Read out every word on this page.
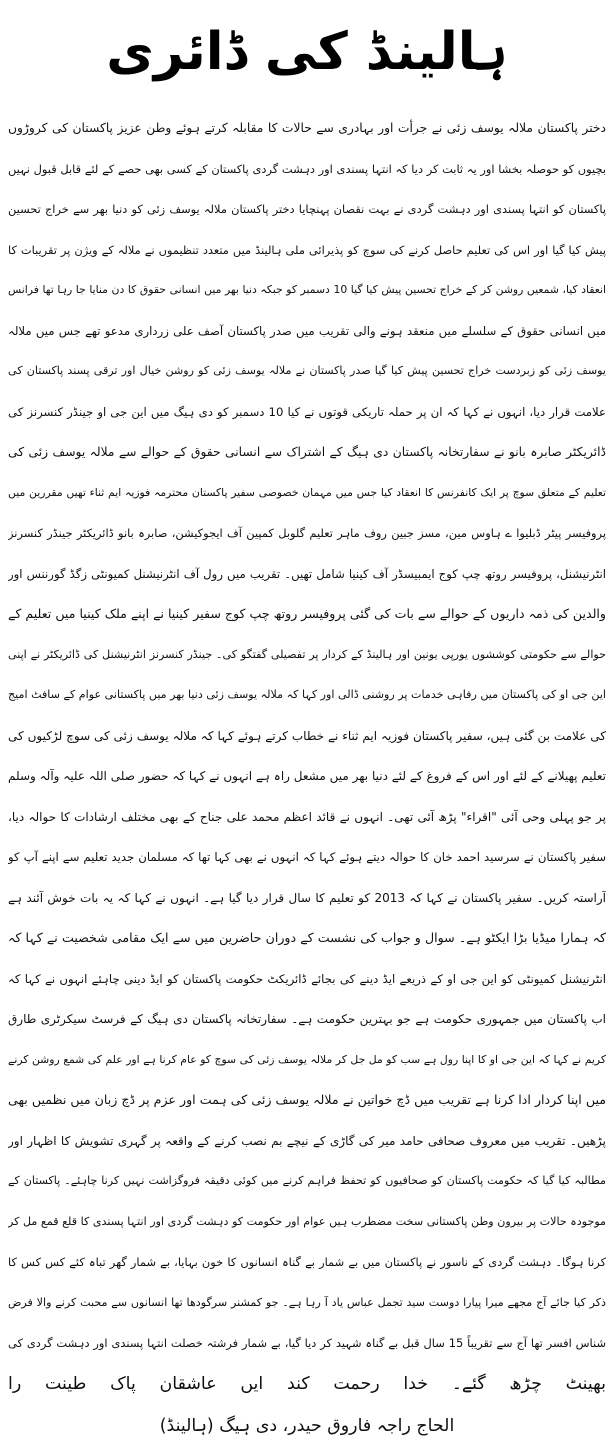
ہالینڈ کی ڈائری
دختر پاکستان ملالہ یوسف زئی نے جرأت اور بہادری سے حالات کا مقابلہ کرتے ہوئے وطن عزیز پاکستان کی کروڑوں
بچیوں کو حوصلہ بخشا اور یہ ثابت کر دیا کہ انتہا پسندی اور دہشت گردی پاکستان کے کسی بھی حصے کے لئے قابل قبول نہیں
پاکستان کو انتہا پسندی اور دہشت گردی نے بہت نقصان پہنچایا دختر پاکستان ملالہ یوسف زئی کو دنیا بھر سے خراج تحسین
پیش کیا گیا اور اس کی تعلیم حاصل کرنے کی سوچ کو پذیرائی ملی ہالینڈ میں متعدد تنظیموں نے ملالہ کے ویژن پر تقریبات کا
انعقاد کیا، شمعیں روشن کر کے خراج تحسین پیش کیا گیا 10 دسمبر کو جبکہ دنیا بھر میں انسانی حقوق کا دن منایا جا رہا تھا فرانس
میں انسانی حقوق کے سلسلے میں منعقد ہونے والی تقریب میں صدر پاکستان آصف علی زرداری مدعو تھے جس میں ملالہ
یوسف زئی کو زبردست خراج تحسین پیش کیا گیا صدر پاکستان نے ملالہ یوسف زئی کو روشن خیال اور ترقی پسند پاکستان کی
علامت قرار دیا، انہوں نے کہا کہ ان پر حملہ تاریکی قوتوں نے کیا 10 دسمبر کو دی ہیگ میں این جی او جینڈر کنسرنز کی
ڈائریکٹر صابرہ بانو نے سفارتخانہ پاکستان دی ہیگ کے اشتراک سے انسانی حقوق کے حوالے سے ملالہ یوسف زئی کی
تعلیم کے متعلق سوچ پر ایک کانفرنس کا انعقاد کیا جس میں مہمان خصوصی سفیر پاکستان محترمہ فوزیہ ایم ثناء تھیں مقررین میں
پروفیسر پیٹر ڈبلیوا ے ہاوس مین، مسز جبین روف ماہر تعلیم گلوبل کمپین آف ایجوکیشن، صابرہ بانو ڈائریکٹر جینڈر کنسرنز
انٹرنیشنل، پروفیسر روتھ چپ کوج ایمبیسڈر آف کینیا شامل تھیں۔ تقریب میں رول آف انٹرنیشنل کمیونٹی زگڈ گورننس اور
والدین کی ذمہ داریوں کے حوالے سے بات کی گئی پروفیسر روتھ چپ کوج سفیر کینیا نے اپنے ملک کینیا میں تعلیم کے
حوالے سے حکومتی کوششوں یورپی یونین اور ہالینڈ کے کردار پر تفصیلی گفتگو کی۔ جینڈر کنسرنز انٹرنیشنل کی ڈائریکٹر نے اپنی
این جی او کی پاکستان میں رفاہی خدمات پر روشنی ڈالی اور کہا کہ ملالہ یوسف زئی دنیا بھر میں پاکستانی عوام کے سافٹ امیج
کی علامت بن گئی ہیں، سفیر پاکستان فوزیہ ایم ثناء نے خطاب کرتے ہوئے کہا کہ ملالہ یوسف زئی کی سوچ لڑکیوں کی
تعلیم پھیلانے کے لئے اور اس کے فروغ کے لئے دنیا بھر میں مشعل راہ ہے انہوں نے کہا کہ حضور صلی اللہ علیہ وآلہ وسلم
پر جو پہلی وحی آئی "اقراء" پڑھ آئی تھی۔ انہوں نے قائد اعظم محمد علی جناح کے بھی مختلف ارشادات کا حوالہ دیا،
سفیر پاکستان نے سرسید احمد خان کا حوالہ دیتے ہوئے کہا کہ انہوں نے بھی کہا تھا کہ مسلمان جدید تعلیم سے اپنے آپ کو
آراستہ کریں۔ سفیر پاکستان نے کہا کہ 2013 کو تعلیم کا سال قرار دیا گیا ہے۔ انہوں نے کہا کہ یہ بات خوش آئند ہے
کہ ہمارا میڈیا بڑا ایکٹو ہے۔ سوال و جواب کی نشست کے دوران حاضرین میں سے ایک مقامی شخصیت نے کہا کہ
انٹرنیشنل کمیونٹی کو این جی او کے ذریعے ایڈ دینے کی بجائے ڈائریکٹ حکومت پاکستان کو ایڈ دینی چاہئے انہوں نے کہا کہ
اب پاکستان میں جمہوری حکومت ہے جو بہترین حکومت ہے۔ سفارتخانہ پاکستان دی ہیگ کے فرسٹ سیکرٹری طارق
کریم نے کہا کہ این جی او کا اپنا رول ہے سب کو مل جل کر ملالہ یوسف زئی کی سوچ کو عام کرنا ہے اور علم کی شمع روشن کرنے
میں اپنا کردار ادا کرنا ہے تقریب میں ڈچ خواتین نے ملالہ یوسف زئی کی ہمت اور عزم پر ڈچ زبان میں نظمیں بھی
پڑھیں۔ تقریب میں معروف صحافی حامد میر کی گاڑی کے نیچے بم نصب کرنے کے واقعہ پر گہری تشویش کا اظہار اور
مطالبہ کیا گیا کہ حکومت پاکستان کو صحافیوں کو تحفظ فراہم کرنے میں کوئی دقیقہ فروگزاشت نہیں کرنا چاہئے۔ پاکستان کے
موجودہ حالات پر بیرون وطن پاکستانی سخت مضطرب ہیں عوام اور حکومت کو دہشت گردی اور انتہا پسندی کا قلع قمع مل کر
کرنا ہوگا۔ دہشت گردی کے ناسور نے پاکستان میں بے شمار بے گناہ انسانوں کا خون بہایا، بے شمار گھر تباہ کئے کس کس کا
ذکر کیا جائے آج مجھے میرا پیارا دوست سید تجمل عباس یاد آ رہا ہے۔ جو کمشنر سرگودھا تھا انسانوں سے محبت کرنے والا فرض
شناس افسر تھا آج سے تقریباً 15 سال قبل بے گناہ شہید کر دیا گیا، بے شمار فرشتہ خصلت انتہا پسندی اور دہشت گردی کی
بھینٹ چڑھ گئے۔ خدا رحمت کند ایں عاشقان پاک طینت را
الحاج راجہ فاروق حیدر، دی ہیگ (ہالینڈ)
